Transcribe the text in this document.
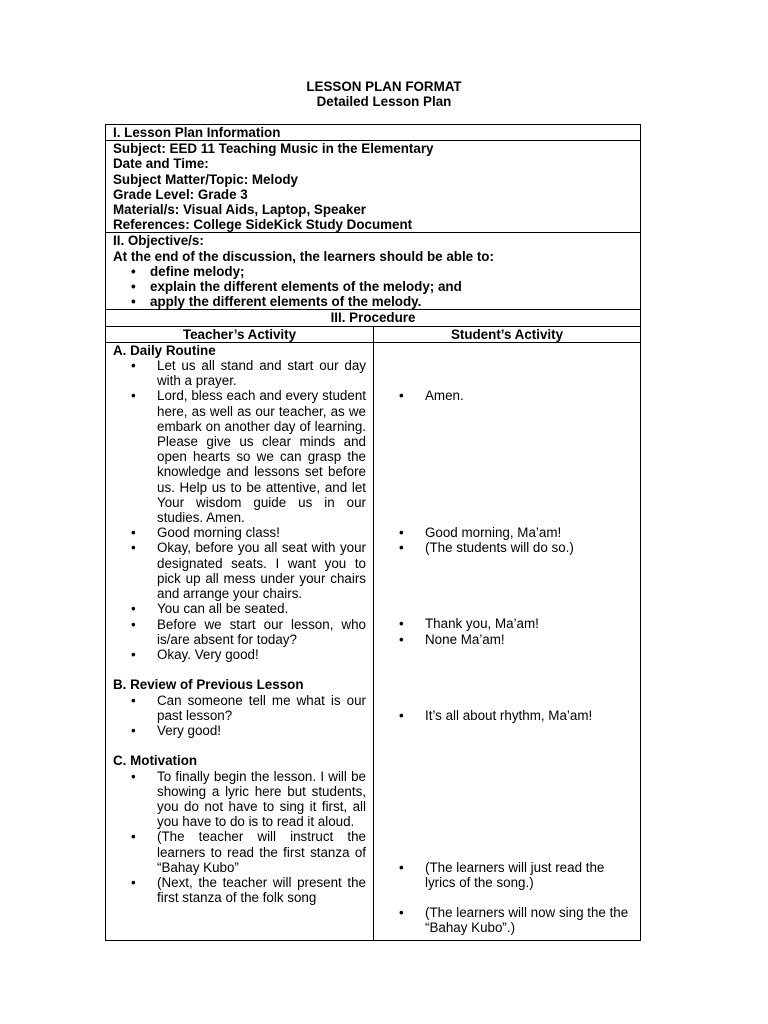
LESSON PLAN FORMAT
Detailed Lesson Plan
I. Lesson Plan Information
Subject: EED 11 Teaching Music in the Elementary
Date and Time:
Subject Matter/Topic: Melody
Grade Level: Grade 3
Material/s: Visual Aids, Laptop, Speaker
References: College SideKick Study Document
II. Objective/s:
At the end of the discussion, the learners should be able to:
• define melody;
• explain the different elements of the melody; and
• apply the different elements of the melody.
III. Procedure
Teacher’s Activity	Student’s Activity
A. Daily Routine
• Let us all stand and start our day with a prayer.
• Lord, bless each and every student here, as well as our teacher, as we embark on another day of learning. Please give us clear minds and open hearts so we can grasp the knowledge and lessons set before us. Help us to be attentive, and let Your wisdom guide us in our studies. Amen.
• Good morning class!
• Okay, before you all seat with your designated seats. I want you to pick up all mess under your chairs and arrange your chairs.
• You can all be seated.
• Before we start our lesson, who is/are absent for today?
• Okay. Very good!
B. Review of Previous Lesson
• Can someone tell me what is our past lesson?
• Very good!
C. Motivation
• To finally begin the lesson. I will be showing a lyric here but students, you do not have to sing it first, all you have to do is to read it aloud.
• (The teacher will instruct the learners to read the first stanza of “Bahay Kubo”
• (Next, the teacher will present the first stanza of the folk song
• Amen.
• Good morning, Ma’am!
• (The students will do so.)
• Thank you, Ma’am!
• None Ma’am!
• It’s all about rhythm, Ma’am!
• (The learners will just read the lyrics of the song.)
• (The learners will now sing the the “Bahay Kubo”.)
